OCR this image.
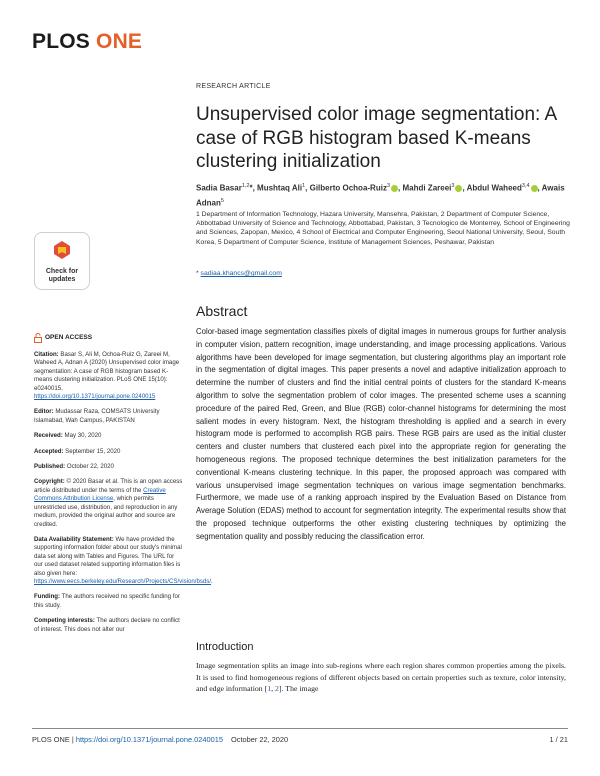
PLOS ONE
RESEARCH ARTICLE
Unsupervised color image segmentation: A case of RGB histogram based K-means clustering initialization
Sadia Basar$^{1,2}$*, Mushtaq Ali$^1$, Gilberto Ochoa-Ruiz$^3$ , Mahdi Zareei$^3$ , Abdul Waheed$^{3,4}$ , Awais Adnan$^5$
1 Department of Information Technology, Hazara University, Mansehra, Pakistan, 2 Department of Computer Science, Abbottabad University of Science and Technology, Abbottabad, Pakistan, 3 Tecnologico de Monterrey, School of Engineering and Sciences, Zapopan, Mexico, 4 School of Electrical and Computer Engineering, Seoul National University, Seoul, South Korea, 5 Department of Computer Science, Institute of Management Sciences, Peshawar, Pakistan
* sadiaa.khancs@gmail.com
Check for
updates
OPEN ACCESS
Citation: Basar S, Ali M, Ochoa-Ruiz G, Zareei M, Waheed A, Adnan A (2020) Unsupervised color image segmentation: A case of RGB histogram based K-means clustering initialization. PLoS ONE 15(10): e0240015. https://doi.org/10.1371/journal.pone.0240015
Editor: Mudassar Raza, COMSATS University Islamabad, Wah Campus, PAKISTAN
Received: May 30, 2020
Accepted: September 15, 2020
Published: October 22, 2020
Copyright: © 2020 Basar et al. This is an open access article distributed under the terms of the Creative Commons Attribution License, which permits unrestricted use, distribution, and reproduction in any medium, provided the original author and source are credited.
Data Availability Statement: We have provided the supporting information folder about our study's minimal data set along with Tables and Figures. The URL for our used dataset related supporting information files is also given here: https://www.eecs.berkeley.edu/Research/Projects/CS/vision/bsds/.
Funding: The authors received no specific funding for this study.
Competing interests: The authors declare no conflict of interest. This does not alter our
Abstract
Color-based image segmentation classifies pixels of digital images in numerous groups for further analysis in computer vision, pattern recognition, image understanding, and image processing applications. Various algorithms have been developed for image segmentation, but clustering algorithms play an important role in the segmentation of digital images. This paper presents a novel and adaptive initialization approach to determine the number of clusters and find the initial central points of clusters for the standard K-means algorithm to solve the segmentation problem of color images. The presented scheme uses a scanning procedure of the paired Red, Green, and Blue (RGB) color-channel histograms for determining the most salient modes in every histogram. Next, the histogram thresholding is applied and a search in every histogram mode is performed to accomplish RGB pairs. These RGB pairs are used as the initial cluster centers and cluster numbers that clustered each pixel into the appropriate region for generating the homogeneous regions. The proposed technique determines the best initialization parameters for the conventional K-means clustering technique. In this paper, the proposed approach was compared with various unsupervised image segmentation techniques on various image segmentation benchmarks. Furthermore, we made use of a ranking approach inspired by the Evaluation Based on Distance from Average Solution (EDAS) method to account for segmentation integrity. The experimental results show that the proposed technique outperforms the other existing clustering techniques by optimizing the segmentation quality and possibly reducing the classification error.
Introduction
Image segmentation splits an image into sub-regions where each region shares common properties among the pixels. It is used to find homogeneous regions of different objects based on certain properties such as texture, color intensity, and edge information [1, 2]. The image
PLOS ONE | https://doi.org/10.1371/journal.pone.0240015 October 22, 2020	1 / 21
